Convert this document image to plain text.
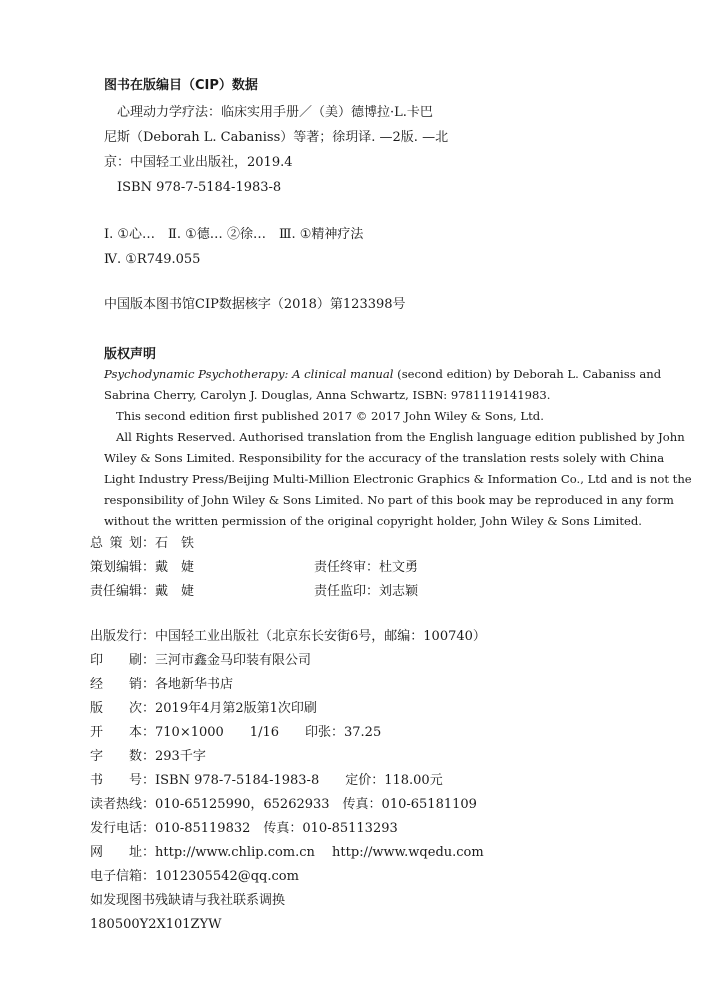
图书在版编目（CIP）数据
心理动力学疗法：临床实用手册／（美）德博拉·L.卡巴
尼斯（Deborah L. Cabaniss）等著；徐玥译. —2版. —北
京：中国轻工业出版社，2019.4
ISBN 978-7-5184-1983-8
Ⅰ. ①心…　Ⅱ. ①德… ②徐…　Ⅲ. ①精神疗法
Ⅳ. ①R749.055
中国版本图书馆CIP数据核字（2018）第123398号
版权声明
Psychodynamic Psychotherapy: A clinical manual (second edition) by Deborah L. Cabaniss and
Sabrina Cherry, Carolyn J. Douglas, Anna Schwartz, ISBN: 9781119141983.
This second edition first published 2017 © 2017 John Wiley & Sons, Ltd.
All Rights Reserved. Authorised translation from the English language edition published by John
Wiley & Sons Limited. Responsibility for the accuracy of the translation rests solely with China
Light Industry Press/Beijing Multi-Million Electronic Graphics & Information Co., Ltd and is not the
responsibility of John Wiley & Sons Limited. No part of this book may be reproduced in any form
without the written permission of the original copyright holder, John Wiley & Sons Limited.
总策划：石　铁
策划编辑：戴　婕	责任终审：杜文勇
责任编辑：戴　婕	责任监印：刘志颖
出版发行：中国轻工业出版社（北京东长安街6号，邮编：100740）
印刷：三河市鑫金马印装有限公司
经销：各地新华书店
版次：2019年4月第2版第1次印刷
开本：710×1000　　1/16　　印张：37.25
字数：293千字
书号：ISBN 978-7-5184-1983-8　　定价：118.00元
读者热线：010-65125990，65262933　传真：010-65181109
发行电话：010-85119832　传真：010-85113293
网址：http://www.chlip.com.cn　 http://www.wqedu.com
电子信箱：1012305542@qq.com
如发现图书残缺请与我社联系调换
180500Y2X101ZYW
